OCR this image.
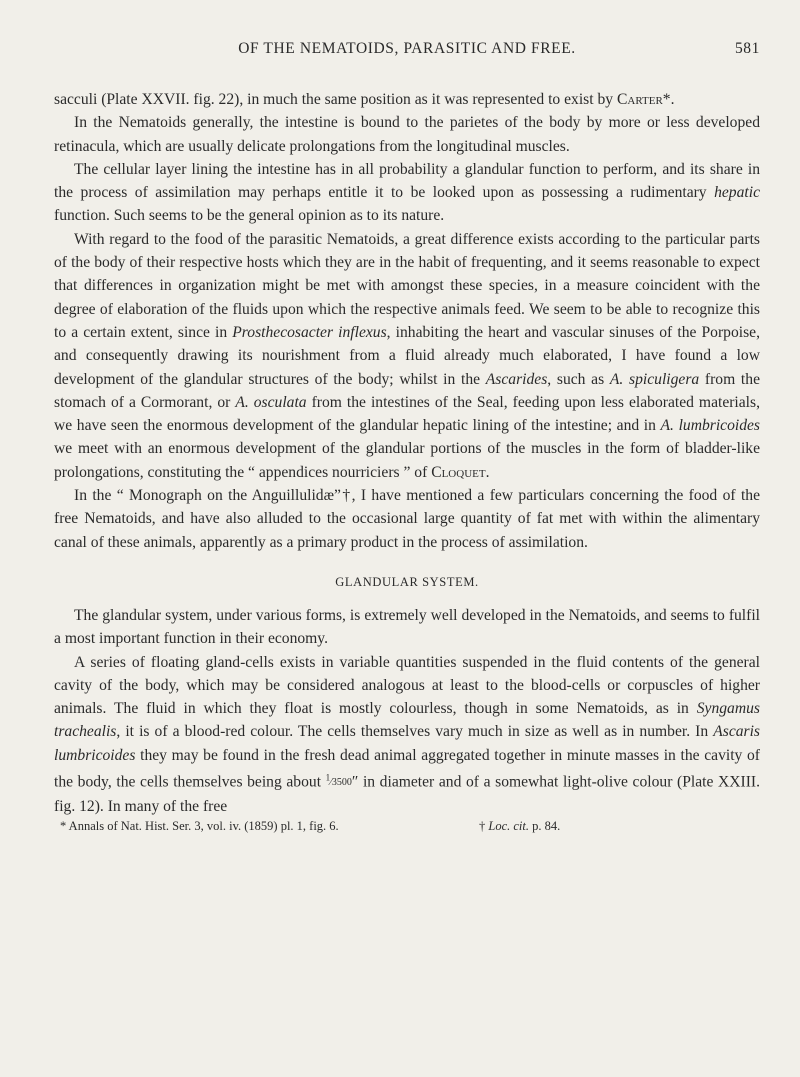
OF THE NEMATOIDS, PARASITIC AND FREE.	581

sacculi (Plate XXVII. fig. 22), in much the same position as it was represented to exist by Carter*.

In the Nematoids generally, the intestine is bound to the parietes of the body by more or less developed retinacula, which are usually delicate prolongations from the longitudinal muscles.

The cellular layer lining the intestine has in all probability a glandular function to perform, and its share in the process of assimilation may perhaps entitle it to be looked upon as possessing a rudimentary hepatic function. Such seems to be the general opinion as to its nature.

With regard to the food of the parasitic Nematoids, a great difference exists according to the particular parts of the body of their respective hosts which they are in the habit of frequenting, and it seems reasonable to expect that differences in organization might be met with amongst these species, in a measure coincident with the degree of elaboration of the fluids upon which the respective animals feed. We seem to be able to recognize this to a certain extent, since in Prosthecosacter inflexus, inhabiting the heart and vascular sinuses of the Porpoise, and consequently drawing its nourishment from a fluid already much elaborated, I have found a low development of the glandular structures of the body; whilst in the Ascarides, such as A. spiculigera from the stomach of a Cormorant, or A. osculata from the intestines of the Seal, feeding upon less elaborated materials, we have seen the enormous development of the glandular hepatic lining of the intestine; and in A. lumbricoides we meet with an enormous development of the glandular portions of the muscles in the form of bladder-like prolongations, constituting the “ appendices nourriciers ” of Cloquet.

In the “ Monograph on the Anguillulidæ”†, I have mentioned a few particulars concerning the food of the free Nematoids, and have also alluded to the occasional large quantity of fat met with within the alimentary canal of these animals, apparently as a primary product in the process of assimilation.

GLANDULAR SYSTEM.

The glandular system, under various forms, is extremely well developed in the Nematoids, and seems to fulfil a most important function in their economy.

A series of floating gland-cells exists in variable quantities suspended in the fluid contents of the general cavity of the body, which may be considered analogous at least to the blood-cells or corpuscles of higher animals. The fluid in which they float is mostly colourless, though in some Nematoids, as in Syngamus trachealis, it is of a blood-red colour. The cells themselves vary much in size as well as in number. In Ascaris lumbricoides they may be found in the fresh dead animal aggregated together in minute masses in the cavity of the body, the cells themselves being about $^1$⁄3500″ in diameter and of a somewhat light-olive colour (Plate XXIII. fig. 12). In many of the free

* Annals of Nat. Hist. Ser. 3, vol. iv. (1859) pl. 1, fig. 6.	† Loc. cit. p. 84.
